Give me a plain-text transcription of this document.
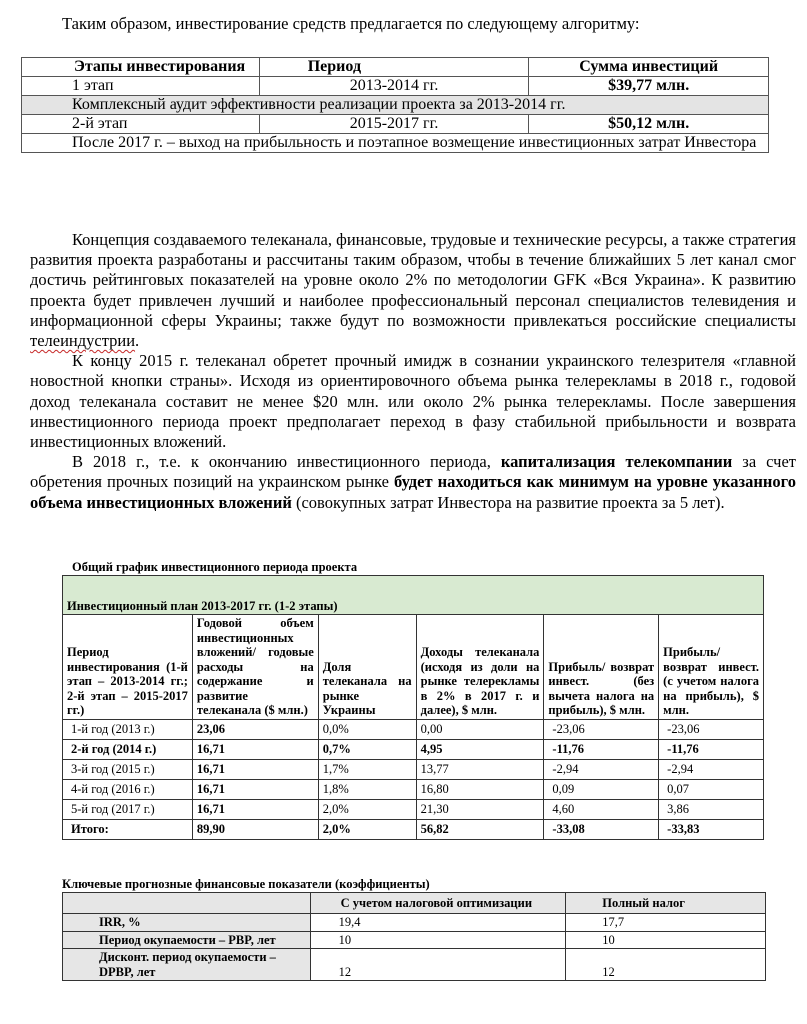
Таким образом, инвестирование средств предлагается по следующему алгоритму:
Этапы инвестирования	Период	Сумма инвестиций
1 этап	2013-2014 гг.	$39,77 млн.
Комплексный аудит эффективности реализации проекта за 2013-2014 гг.		
2-й этап	2015-2017 гг.	$50,12 млн.
После 2017 г. – выход на прибыльность и поэтапное возмещение инвестиционных затрат Инвестора		

Концепция создаваемого телеканала, финансовые, трудовые и технические ресурсы, а также стратегия развития проекта разработаны и рассчитаны таким образом, чтобы в течение ближайших 5 лет канал смог достичь рейтинговых показателей на уровне около 2% по методологии GFK «Вся Украина». К развитию проекта будет привлечен лучший и наиболее профессиональный персонал специалистов телевидения и информационной сферы Украины; также будут по возможности привлекаться российские специалисты телеиндустрии.

К концу 2015 г. телеканал обретет прочный имидж в сознании украинского телезрителя «главной новостной кнопки страны». Исходя из ориентировочного объема рынка телерекламы в 2018 г., годовой доход телеканала составит не менее $20 млн. или около 2% рынка телерекламы. После завершения инвестиционного периода проект предполагает переход в фазу стабильной прибыльности и возврата инвестиционных вложений.

В 2018 г., т.е. к окончанию инвестиционного периода, капитализация телекомпании за счет обретения прочных позиций на украинском рынке будет находиться как минимум на уровне указанного объема инвестиционных вложений (совокупных затрат Инвестора на развитие проекта за 5 лет).

Общий график инвестиционного периода проекта
Инвестиционный план 2013-2017 гг. (1-2 этапы)					
Период инвестирования (1-й этап – 2013-2014 гг.; 2-й этап – 2015-2017 гг.)	Годовой объем инвестиционных вложений/ годовые расходы на содержание и развитие телеканала ($ млн.)	Доля телеканала на рынке Украины	Доходы телеканала (исходя из доли на рынке телерекламы в 2% в 2017 г. и далее), $ млн.	Прибыль/ возврат инвест. (без вычета налога на прибыль), $ млн.	Прибыль/ возврат инвест. (с учетом налога на прибыль), $ млн.
1-й год (2013 г.)	23,06	0,0%	0,00	-23,06	-23,06
2-й год (2014 г.)	16,71	0,7%	4,95	-11,76	-11,76
3-й год (2015 г.)	16,71	1,7%	13,77	-2,94	-2,94
4-й год (2016 г.)	16,71	1,8%	16,80	0,09	0,07
5-й год (2017 г.)	16,71	2,0%	21,30	4,60	3,86
Итого:	89,90	2,0%	56,82	-33,08	-33,83
Ключевые прогнозные финансовые показатели (коэффициенты)
	С учетом налоговой оптимизации	Полный налог
IRR, %	19,4	17,7
Период окупаемости – PBP, лет	10	10
Дисконт. период окупаемости – DPBP, лет	12	12
